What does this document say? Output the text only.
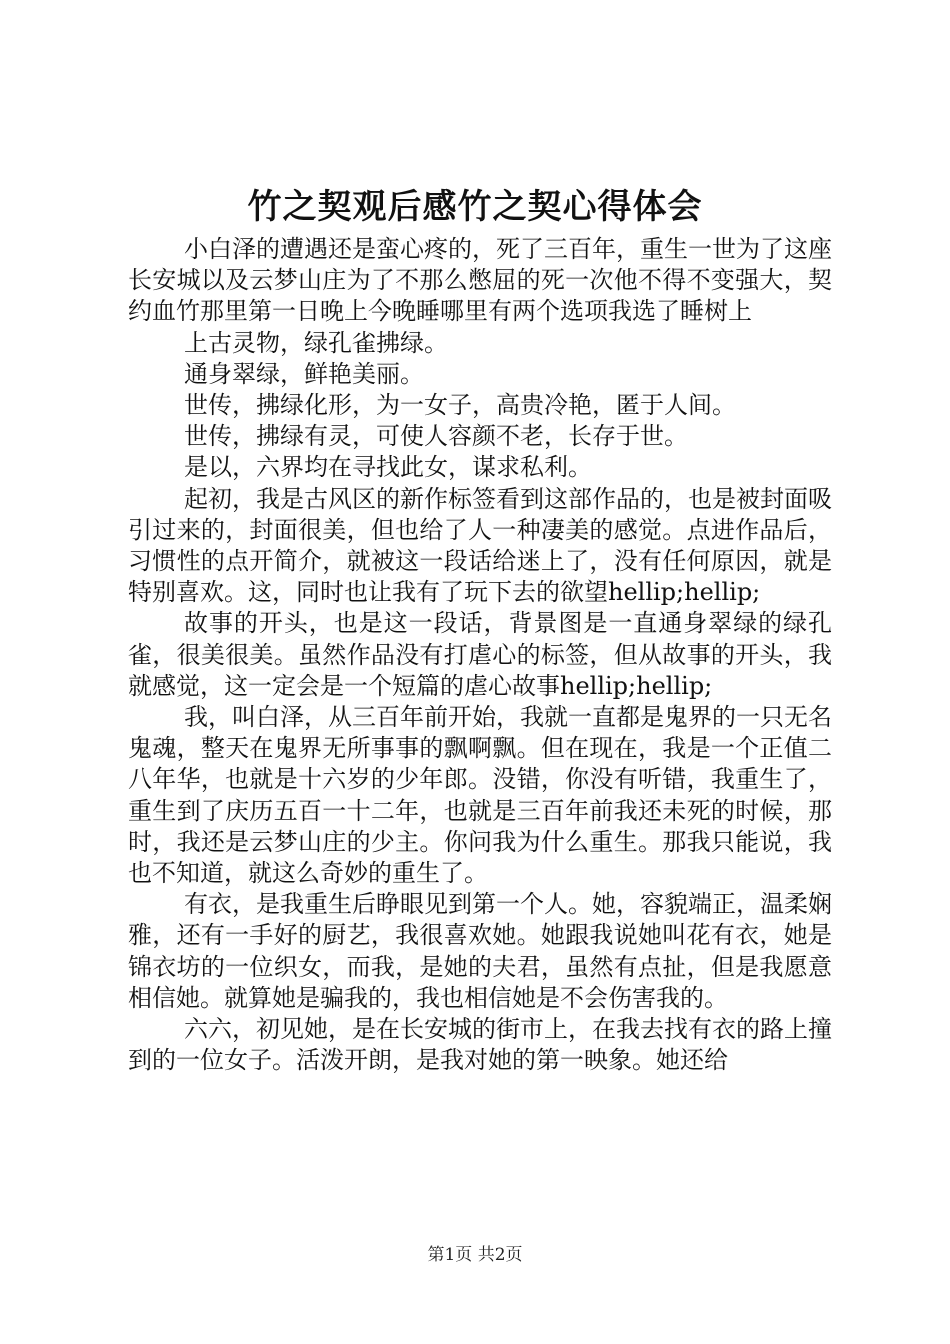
竹之契观后感竹之契心得体会

小白泽的遭遇还是蛮心疼的，死了三百年，重生一世为了这座长安城以及云梦山庄为了不那么憋屈的死一次他不得不变强大，契约血竹那里第一日晚上今晚睡哪里有两个选项我选了睡树上

上古灵物，绿孔雀拂绿。

通身翠绿，鲜艳美丽。

世传，拂绿化形，为一女子，高贵冷艳，匿于人间。

世传，拂绿有灵，可使人容颜不老，长存于世。

是以，六界均在寻找此女，谋求私利。

起初，我是古风区的新作标签看到这部作品的，也是被封面吸引过来的，封面很美，但也给了人一种凄美的感觉。点进作品后，习惯性的点开简介，就被这一段话给迷上了，没有任何原因，就是特别喜欢。这，同时也让我有了玩下去的欲望hellip;hellip;

故事的开头，也是这一段话，背景图是一直通身翠绿的绿孔雀，很美很美。虽然作品没有打虐心的标签，但从故事的开头，我就感觉，这一定会是一个短篇的虐心故事hellip;hellip;

我，叫白泽，从三百年前开始，我就一直都是鬼界的一只无名鬼魂，整天在鬼界无所事事的飘啊飘。但在现在，我是一个正值二八年华，也就是十六岁的少年郎。没错，你没有听错，我重生了，重生到了庆历五百一十二年，也就是三百年前我还未死的时候，那时，我还是云梦山庄的少主。你问我为什么重生。那我只能说，我也不知道，就这么奇妙的重生了。

有衣，是我重生后睁眼见到第一个人。她，容貌端正，温柔娴雅，还有一手好的厨艺，我很喜欢她。她跟我说她叫花有衣，她是锦衣坊的一位织女，而我，是她的夫君，虽然有点扯，但是我愿意相信她。就算她是骗我的，我也相信她是不会伤害我的。

六六，初见她，是在长安城的街市上，在我去找有衣的路上撞到的一位女子。活泼开朗，是我对她的第一映象。她还给

第1页 共2页
